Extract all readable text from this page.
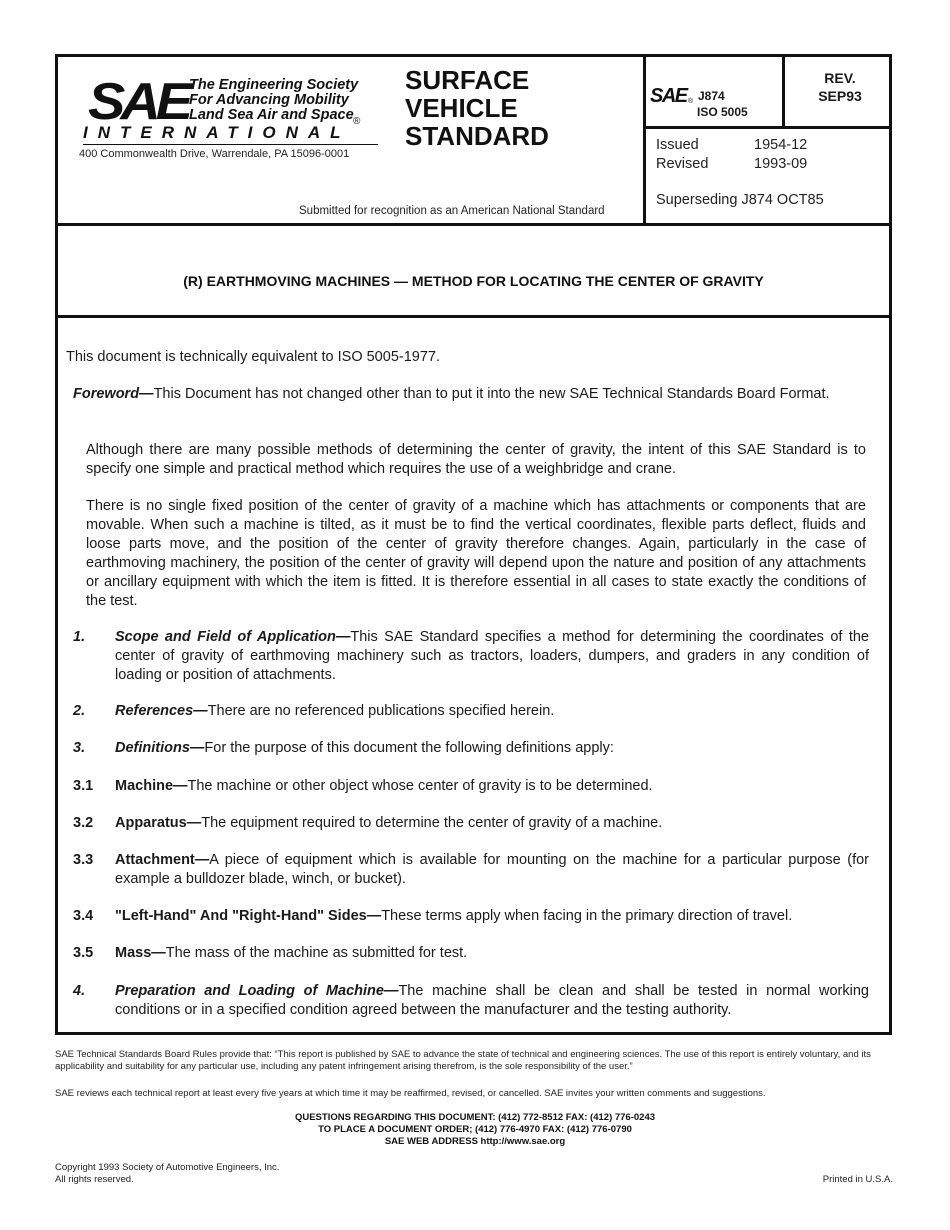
SAE The Engineering Society
For Advancing Mobility
Land Sea Air and Space ®
INTERNATIONAL
400 Commonwealth Drive, Warrendale, PA 15096-0001
SURFACE
VEHICLE
STANDARD
Submitted for recognition as an American National Standard
SAE ® J874
ISO 5005
REV.
SEP93
Issued	1954-12
Revised	1993-09
Superseding J874 OCT85
(R) EARTHMOVING MACHINES — METHOD FOR LOCATING THE CENTER OF GRAVITY
This document is technically equivalent to ISO 5005-1977.
Foreword—This Document has not changed other than to put it into the new SAE Technical Standards Board Format.
Although there are many possible methods of determining the center of gravity, the intent of this SAE Standard is to specify one simple and practical method which requires the use of a weighbridge and crane.
There is no single fixed position of the center of gravity of a machine which has attachments or components that are movable. When such a machine is tilted, as it must be to find the vertical coordinates, flexible parts deflect, fluids and loose parts move, and the position of the center of gravity therefore changes. Again, particularly in the case of earthmoving machinery, the position of the center of gravity will depend upon the nature and position of any attachments or ancillary equipment with which the item is fitted. It is therefore essential in all cases to state exactly the conditions of the test.
1.	Scope and Field of Application—This SAE Standard specifies a method for determining the coordinates of the center of gravity of earthmoving machinery such as tractors, loaders, dumpers, and graders in any condition of loading or position of attachments.
2.	References—There are no referenced publications specified herein.
3.	Definitions—For the purpose of this document the following definitions apply:
3.1	Machine—The machine or other object whose center of gravity is to be determined.
3.2	Apparatus—The equipment required to determine the center of gravity of a machine.
3.3	Attachment—A piece of equipment which is available for mounting on the machine for a particular purpose (for example a bulldozer blade, winch, or bucket).
3.4	"Left-Hand" And "Right-Hand" Sides—These terms apply when facing in the primary direction of travel.
3.5	Mass—The mass of the machine as submitted for test.
4.	Preparation and Loading of Machine—The machine shall be clean and shall be tested in normal working conditions or in a specified condition agreed between the manufacturer and the testing authority.
SAE Technical Standards Board Rules provide that: “This report is published by SAE to advance the state of technical and engineering sciences. The use of this report is entirely voluntary, and its applicability and suitability for any particular use, including any patent infringement arising therefrom, is the sole responsibility of the user.”
SAE reviews each technical report at least every five years at which time it may be reaffirmed, revised, or cancelled. SAE invites your written comments and suggestions.
QUESTIONS REGARDING THIS DOCUMENT: (412) 772-8512 FAX: (412) 776-0243
TO PLACE A DOCUMENT ORDER; (412) 776-4970 FAX: (412) 776-0790
SAE WEB ADDRESS http://www.sae.org
Copyright 1993 Society of Automotive Engineers, Inc.
All rights reserved.	Printed in U.S.A.
